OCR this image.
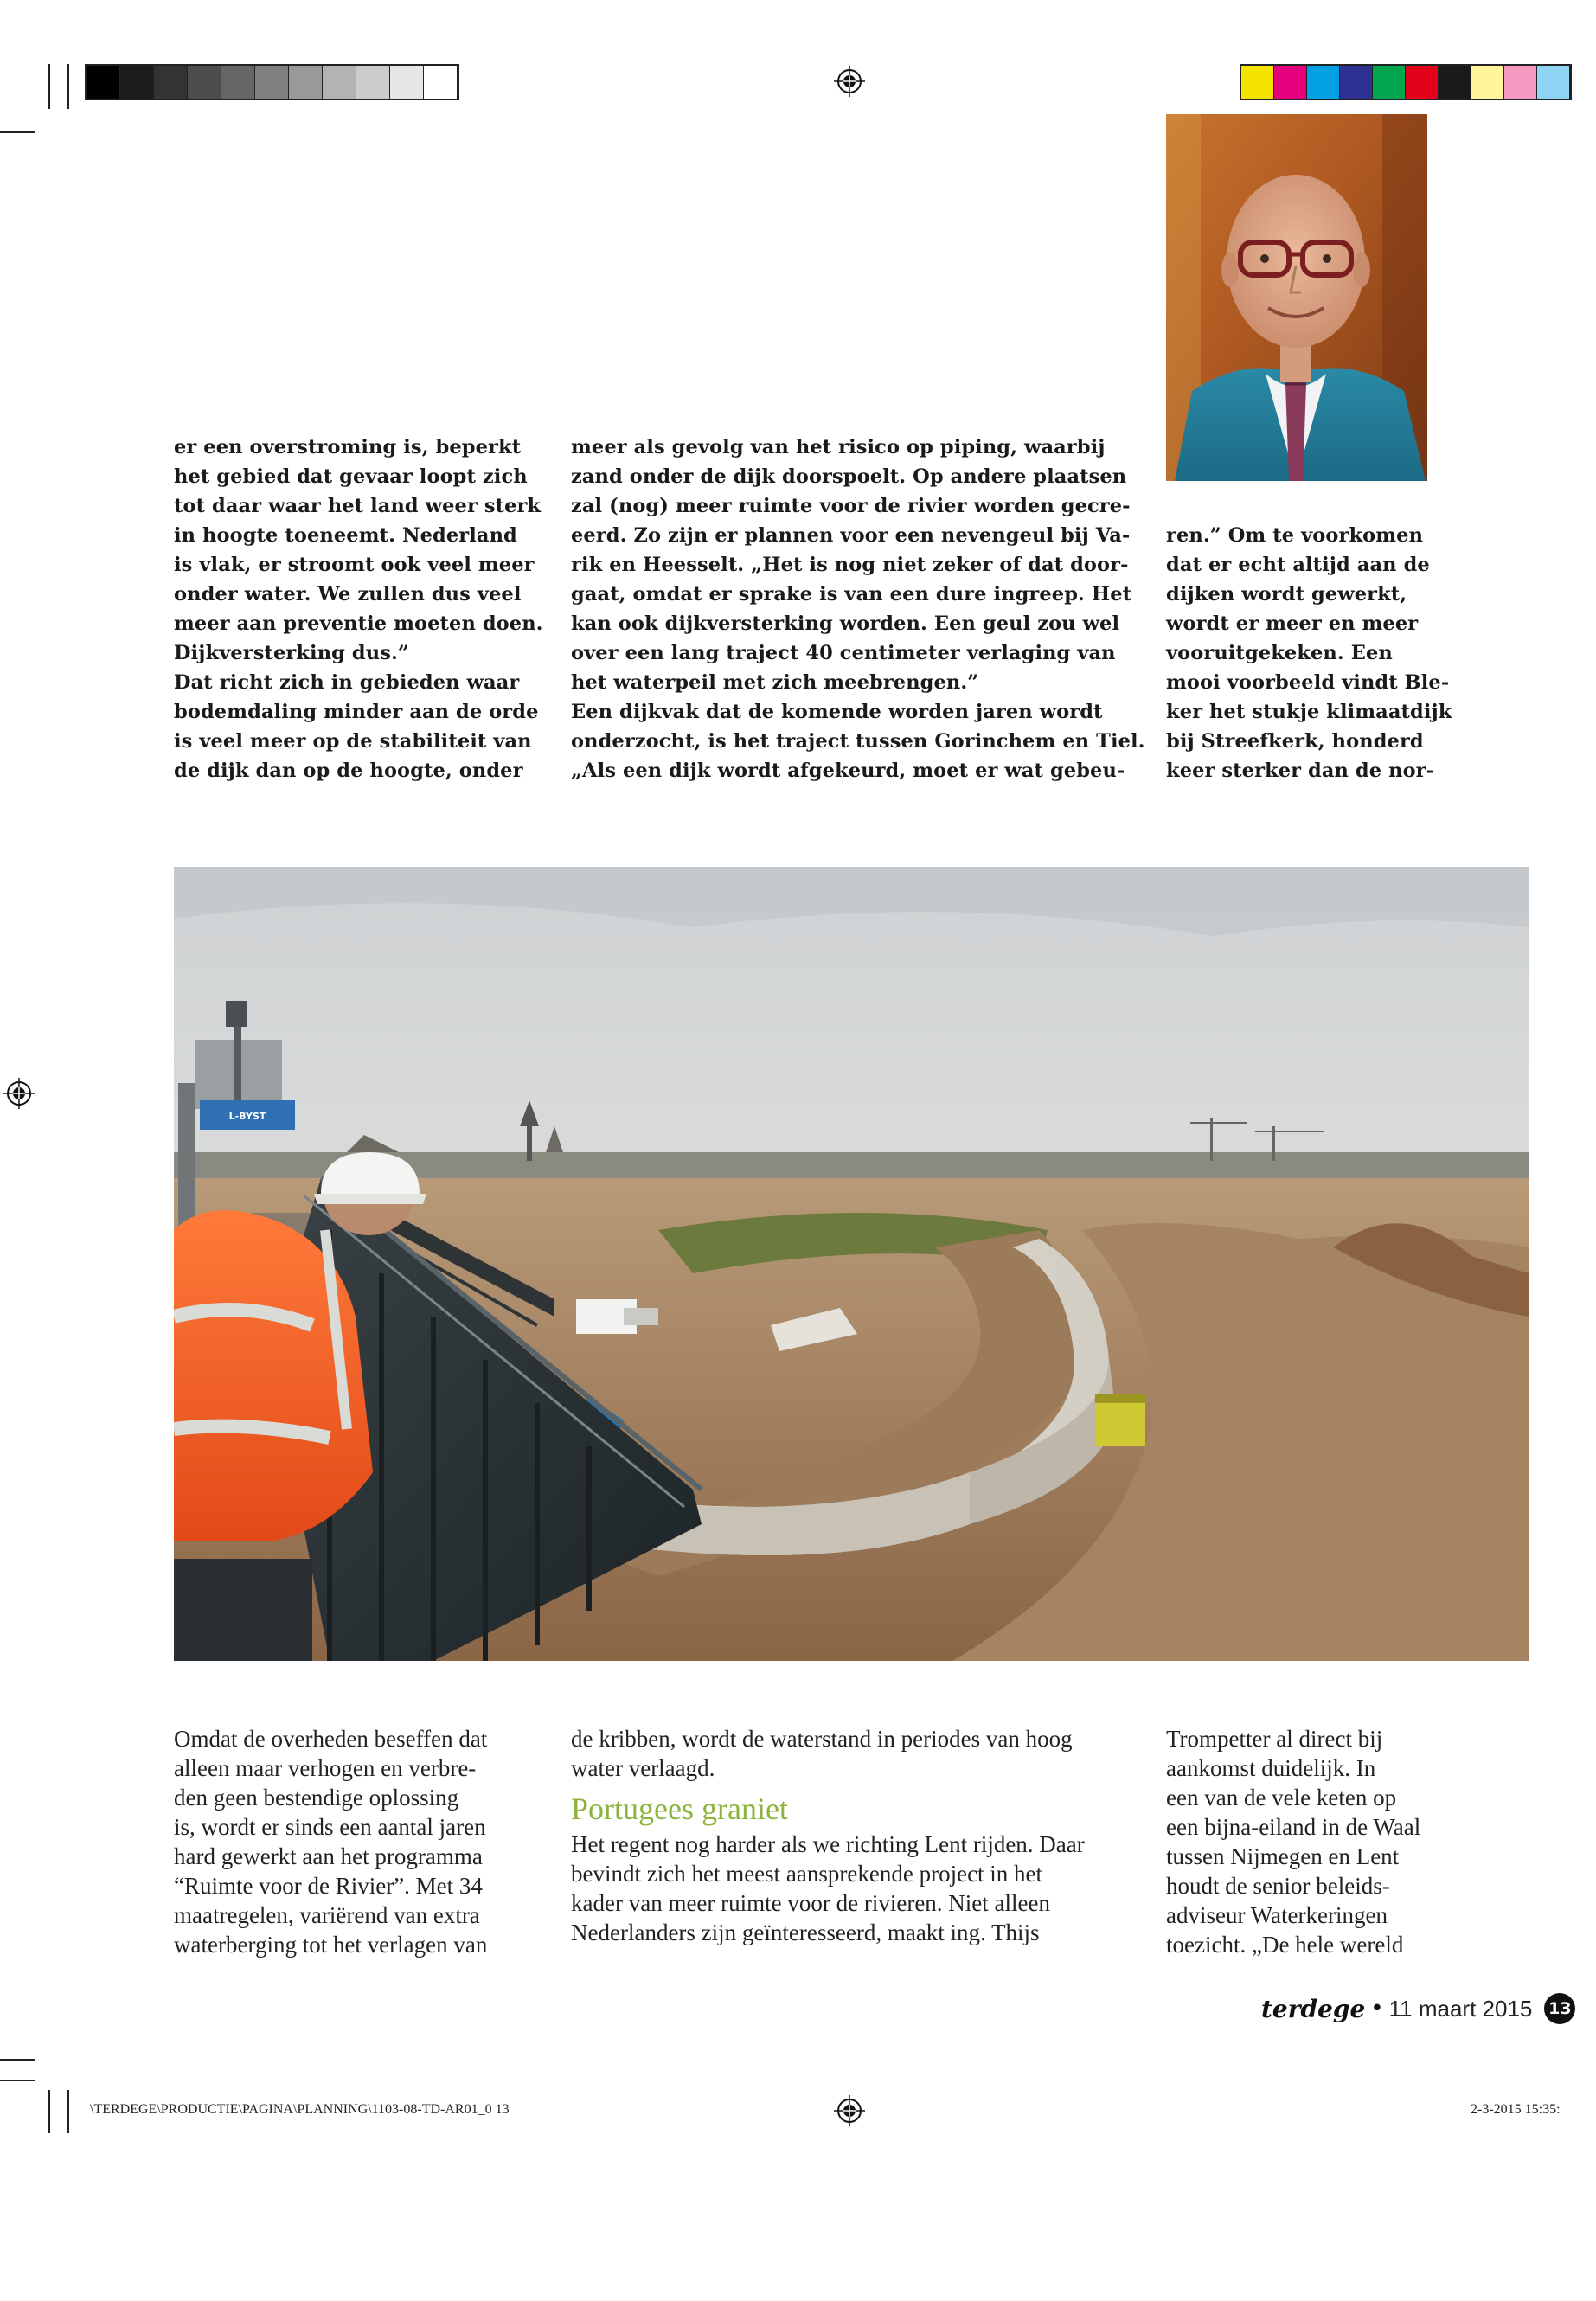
er een overstroming is, beperkt

het gebied dat gevaar loopt zich

tot daar waar het land weer sterk

in hoogte toeneemt. Nederland

is vlak, er stroomt ook veel meer

onder water. We zullen dus veel

meer aan preventie moeten doen.

Dijkversterking dus.”

Dat richt zich in gebieden waar

bodemdaling minder aan de orde

is veel meer op de stabiliteit van

de dijk dan op de hoogte, onder

meer als gevolg van het risico op piping, waarbij

zand onder de dijk doorspoelt. Op andere plaatsen

zal (nog) meer ruimte voor de rivier worden gecre-

eerd. Zo zijn er plannen voor een nevengeul bij Va-

rik en Heesselt. „Het is nog niet zeker of dat door-

gaat, omdat er sprake is van een dure ingreep. Het

kan ook dijkversterking worden. Een geul zou wel

over een lang traject 40 centimeter verlaging van

het waterpeil met zich meebrengen.”

Een dijkvak dat de komende worden jaren wordt

onderzocht, is het traject tussen Gorinchem en Tiel.

„Als een dijk wordt afgekeurd, moet er wat gebeu-

ren.” Om te voorkomen

dat er echt altijd aan de

dijken wordt gewerkt,

wordt er meer en meer

vooruitgekeken. Een

mooi voorbeeld vindt Ble-

ker het stukje klimaatdijk

bij Streefkerk, honderd

keer sterker dan de nor-

L-BYST

Omdat de overheden beseffen dat

alleen maar verhogen en verbre-

den geen bestendige oplossing

is, wordt er sinds een aantal jaren

hard gewerkt aan het programma

“Ruimte voor de Rivier”. Met 34

maatregelen, variërend van extra

waterberging tot het verlagen van

de kribben, wordt de waterstand in periodes van hoog

water verlaagd.

Portugees graniet

Het regent nog harder als we richting Lent rijden. Daar

bevindt zich het meest aansprekende project in het

kader van meer ruimte voor de rivieren. Niet alleen

Nederlanders zijn geïnteresseerd, maakt ing. Thijs

Trompetter al direct bij

aankomst duidelijk. In

een van de vele keten op

een bijna-eiland in de Waal

tussen Nijmegen en Lent

houdt de senior beleids-

adviseur Waterkeringen

toezicht. „De hele wereld

terdege • 11 maart 2015 13
\TERDEGE\PRODUCTIE\PAGINA\PLANNING\1103-08-TD-AR01_0 13	2-3-2015 15:35:
